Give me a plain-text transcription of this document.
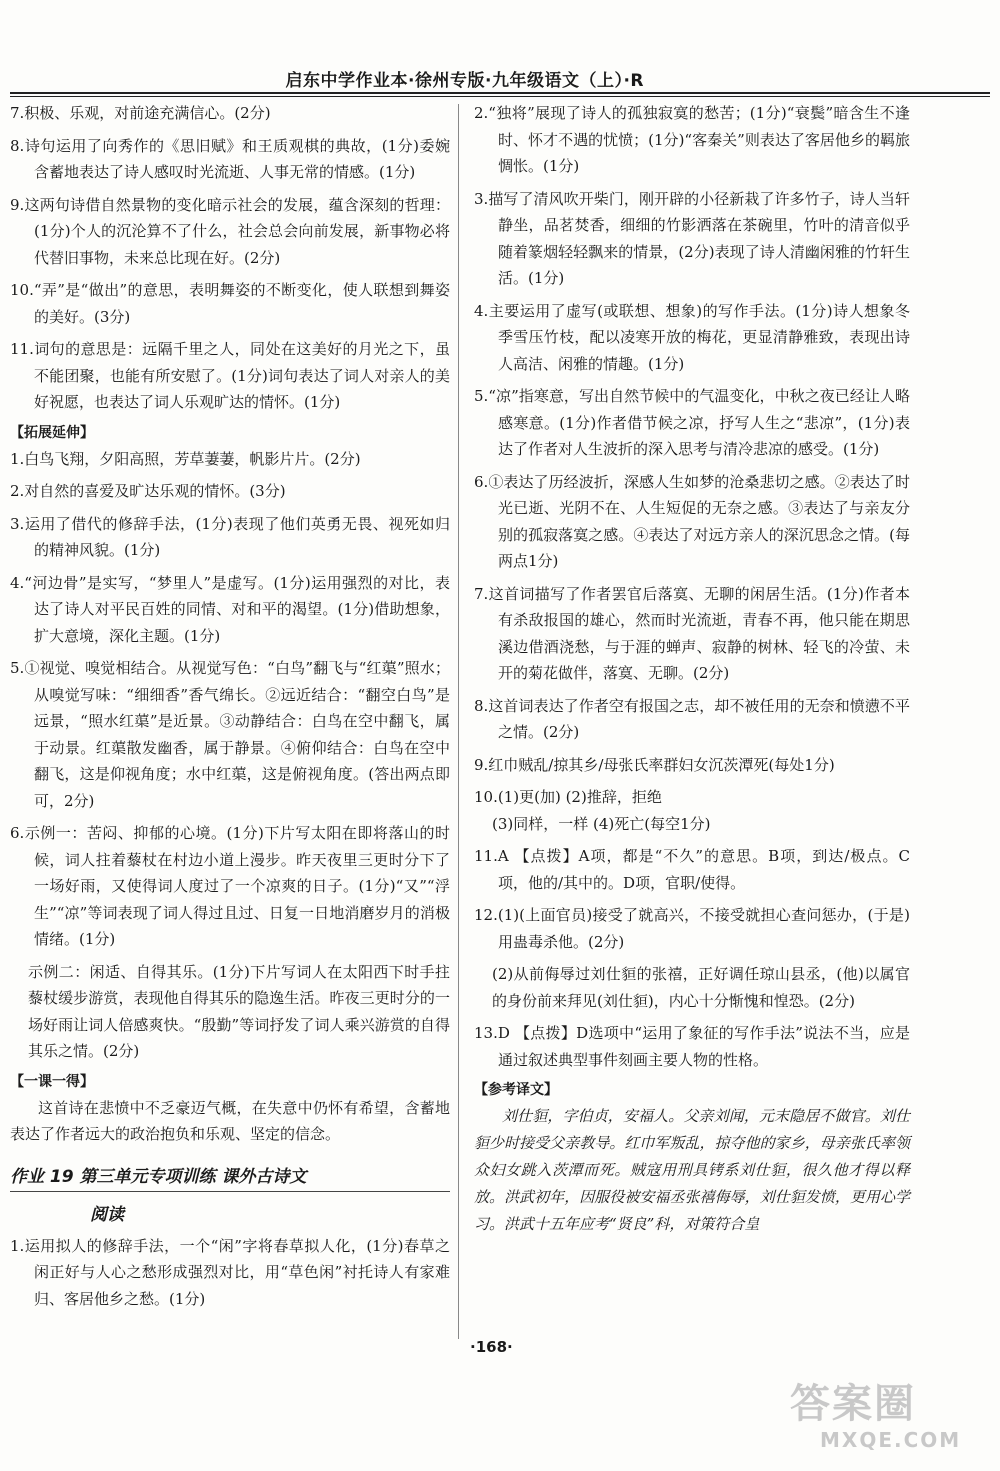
启东中学作业本·徐州专版·九年级语文（上）·R

7.积极、乐观，对前途充满信心。(2分)

8.诗句运用了向秀作的《思旧赋》和王质观棋的典故，(1分)委婉含蓄地表达了诗人感叹时光流逝、人事无常的情感。(1分)

9.这两句诗借自然景物的变化暗示社会的发展，蕴含深刻的哲理：(1分)个人的沉沦算不了什么，社会总会向前发展，新事物必将代替旧事物，未来总比现在好。(2分)

10.“弄”是“做出”的意思，表明舞姿的不断变化，使人联想到舞姿的美好。(3分)

11.词句的意思是：远隔千里之人，同处在这美好的月光之下，虽不能团聚，也能有所安慰了。(1分)词句表达了词人对亲人的美好祝愿，也表达了词人乐观旷达的情怀。(1分)

【拓展延伸】

1.白鸟飞翔，夕阳高照，芳草萋萋，帆影片片。(2分)

2.对自然的喜爱及旷达乐观的情怀。(3分)

3.运用了借代的修辞手法，(1分)表现了他们英勇无畏、视死如归的精神风貌。(1分)

4.“河边骨”是实写，“梦里人”是虚写。(1分)运用强烈的对比，表达了诗人对平民百姓的同情、对和平的渴望。(1分)借助想象，扩大意境，深化主题。(1分)

5.①视觉、嗅觉相结合。从视觉写色：“白鸟”翻飞与“红蕖”照水；从嗅觉写味：“细细香”香气绵长。②远近结合：“翻空白鸟”是远景，“照水红蕖”是近景。③动静结合：白鸟在空中翻飞，属于动景。红蕖散发幽香，属于静景。④俯仰结合：白鸟在空中翻飞，这是仰视角度；水中红蕖，这是俯视角度。(答出两点即可，2分)

6.示例一：苦闷、抑郁的心境。(1分)下片写太阳在即将落山的时候，词人拄着藜杖在村边小道上漫步。昨天夜里三更时分下了一场好雨，又使得词人度过了一个凉爽的日子。(1分)“又”“浮生”“凉”等词表现了词人得过且过、日复一日地消磨岁月的消极情绪。(1分)

示例二：闲适、自得其乐。(1分)下片写词人在太阳西下时手拄藜杖缓步游赏，表现他自得其乐的隐逸生活。昨夜三更时分的一场好雨让词人倍感爽快。“殷勤”等词抒发了词人乘兴游赏的自得其乐之情。(2分)

【一课一得】

这首诗在悲愤中不乏豪迈气概，在失意中仍怀有希望，含蓄地表达了作者远大的政治抱负和乐观、坚定的信念。

作业 19 第三单元专项训练 课外古诗文
阅读

1.运用拟人的修辞手法，一个“闲”字将春草拟人化，(1分)春草之闲正好与人心之愁形成强烈对比，用“草色闲”衬托诗人有家难归、客居他乡之愁。(1分)

2.“独将”展现了诗人的孤独寂寞的愁苦；(1分)“衰鬓”暗含生不逢时、怀才不遇的忧愤；(1分)“客秦关”则表达了客居他乡的羁旅惆怅。(1分)

3.描写了清风吹开柴门，刚开辟的小径新栽了许多竹子，诗人当轩静坐，品茗焚香，细细的竹影洒落在茶碗里，竹叶的清音似乎随着篆烟轻轻飘来的情景，(2分)表现了诗人清幽闲雅的竹轩生活。(1分)

4.主要运用了虚写(或联想、想象)的写作手法。(1分)诗人想象冬季雪压竹枝，配以凌寒开放的梅花，更显清静雅致，表现出诗人高洁、闲雅的情趣。(1分)

5.“凉”指寒意，写出自然节候中的气温变化，中秋之夜已经让人略感寒意。(1分)作者借节候之凉，抒写人生之“悲凉”，(1分)表达了作者对人生波折的深入思考与清冷悲凉的感受。(1分)

6.①表达了历经波折，深感人生如梦的沧桑悲切之感。②表达了时光已逝、光阴不在、人生短促的无奈之感。③表达了与亲友分别的孤寂落寞之感。④表达了对远方亲人的深沉思念之情。(每两点1分)

7.这首词描写了作者罢官后落寞、无聊的闲居生活。(1分)作者本有杀敌报国的雄心，然而时光流逝，青春不再，他只能在期思溪边借酒浇愁，与于涯的蝉声、寂静的树林、轻飞的冷萤、未开的菊花做伴，落寞、无聊。(2分)

8.这首词表达了作者空有报国之志，却不被任用的无奈和愤懑不平之情。(2分)

9.红巾贼乱/掠其乡/母张氏率群妇女沉茨潭死(每处1分)

10.(1)更(加) (2)推辞，拒绝

(3)同样，一样 (4)死亡(每空1分)

11.A 【点拨】A项，都是“不久”的意思。B项，到达/极点。C项，他的/其中的。D项，官职/使得。

12.(1)(上面官员)接受了就高兴，不接受就担心查问惩办，(于是)用蛊毒杀他。(2分)

(2)从前侮辱过刘仕貆的张禧，正好调任琼山县丞，(他)以属官的身份前来拜见(刘仕貆)，内心十分惭愧和惶恐。(2分)

13.D 【点拨】D选项中“运用了象征的写作手法”说法不当，应是通过叙述典型事件刻画主要人物的性格。

【参考译文】

刘仕貆，字伯贞，安福人。父亲刘闻，元末隐居不做官。刘仕貆少时接受父亲教导。红巾军叛乱，掠夺他的家乡，母亲张氏率领众妇女跳入茨潭而死。贼寇用刑具铐系刘仕貆，很久他才得以释放。洪武初年，因服役被安福丞张禧侮辱，刘仕貆发愤，更用心学习。洪武十五年应考“贤良”科，对策符合皇

·168·
答案圈
MXQE.COM
